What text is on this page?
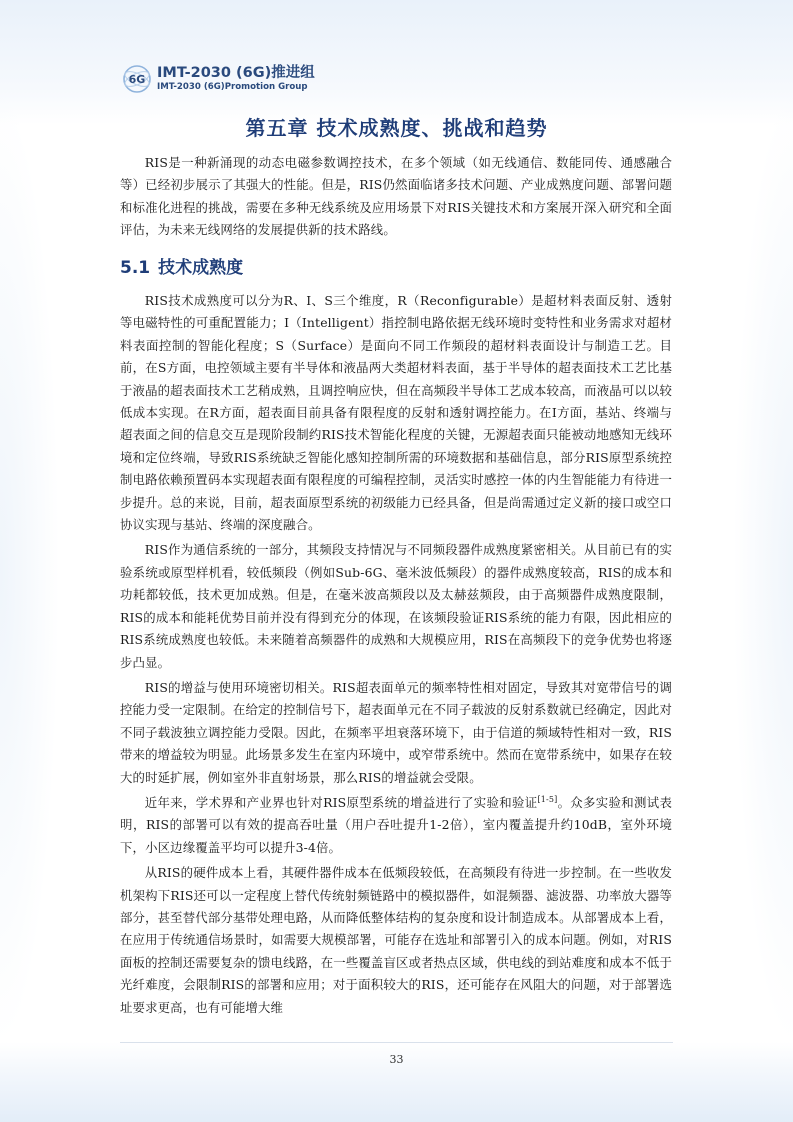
6G IMT-2030 (6G)推进组
IMT-2030 (6G)Promotion Group
第五章 技术成熟度、挑战和趋势

RIS是一种新涌现的动态电磁参数调控技术，在多个领域（如无线通信、数能同传、通感融合等）已经初步展示了其强大的性能。但是，RIS仍然面临诸多技术问题、产业成熟度问题、部署问题和标准化进程的挑战，需要在多种无线系统及应用场景下对RIS关键技术和方案展开深入研究和全面评估，为未来无线网络的发展提供新的技术路线。

5.1 技术成熟度

RIS技术成熟度可以分为R、I、S三个维度，R（Reconfigurable）是超材料表面反射、透射等电磁特性的可重配置能力；I（Intelligent）指控制电路依据无线环境时变特性和业务需求对超材料表面控制的智能化程度；S（Surface）是面向不同工作频段的超材料表面设计与制造工艺。目前，在S方面，电控领域主要有半导体和液晶两大类超材料表面，基于半导体的超表面技术工艺比基于液晶的超表面技术工艺稍成熟，且调控响应快，但在高频段半导体工艺成本较高，而液晶可以以较低成本实现。在R方面，超表面目前具备有限程度的反射和透射调控能力。在I方面，基站、终端与超表面之间的信息交互是现阶段制约RIS技术智能化程度的关键，无源超表面只能被动地感知无线环境和定位终端，导致RIS系统缺乏智能化感知控制所需的环境数据和基础信息，部分RIS原型系统控制电路依赖预置码本实现超表面有限程度的可编程控制，灵活实时感控一体的内生智能能力有待进一步提升。总的来说，目前，超表面原型系统的初级能力已经具备，但是尚需通过定义新的接口或空口协议实现与基站、终端的深度融合。

RIS作为通信系统的一部分，其频段支持情况与不同频段器件成熟度紧密相关。从目前已有的实验系统或原型样机看，较低频段（例如Sub-6G、毫米波低频段）的器件成熟度较高，RIS的成本和功耗都较低，技术更加成熟。但是，在毫米波高频段以及太赫兹频段，由于高频器件成熟度限制，RIS的成本和能耗优势目前并没有得到充分的体现，在该频段验证RIS系统的能力有限，因此相应的RIS系统成熟度也较低。未来随着高频器件的成熟和大规模应用，RIS在高频段下的竞争优势也将逐步凸显。

RIS的增益与使用环境密切相关。RIS超表面单元的频率特性相对固定，导致其对宽带信号的调控能力受一定限制。在给定的控制信号下，超表面单元在不同子载波的反射系数就已经确定，因此对不同子载波独立调控能力受限。因此，在频率平坦衰落环境下，由于信道的频域特性相对一致，RIS带来的增益较为明显。此场景多发生在室内环境中，或窄带系统中。然而在宽带系统中，如果存在较大的时延扩展，例如室外非直射场景，那么RIS的增益就会受限。

近年来，学术界和产业界也针对RIS原型系统的增益进行了实验和验证[1-5]。众多实验和测试表明，RIS的部署可以有效的提高吞吐量（用户吞吐提升1-2倍），室内覆盖提升约10dB，室外环境下，小区边缘覆盖平均可以提升3-4倍。

从RIS的硬件成本上看，其硬件器件成本在低频段较低，在高频段有待进一步控制。在一些收发机架构下RIS还可以一定程度上替代传统射频链路中的模拟器件，如混频器、滤波器、功率放大器等部分，甚至替代部分基带处理电路，从而降低整体结构的复杂度和设计制造成本。从部署成本上看，在应用于传统通信场景时，如需要大规模部署，可能存在选址和部署引入的成本问题。例如，对RIS面板的控制还需要复杂的馈电线路，在一些覆盖盲区或者热点区域，供电线的到站难度和成本不低于光纤难度，会限制RIS的部署和应用；对于面积较大的RIS，还可能存在风阻大的问题，对于部署选址要求更高，也有可能增大维

33
